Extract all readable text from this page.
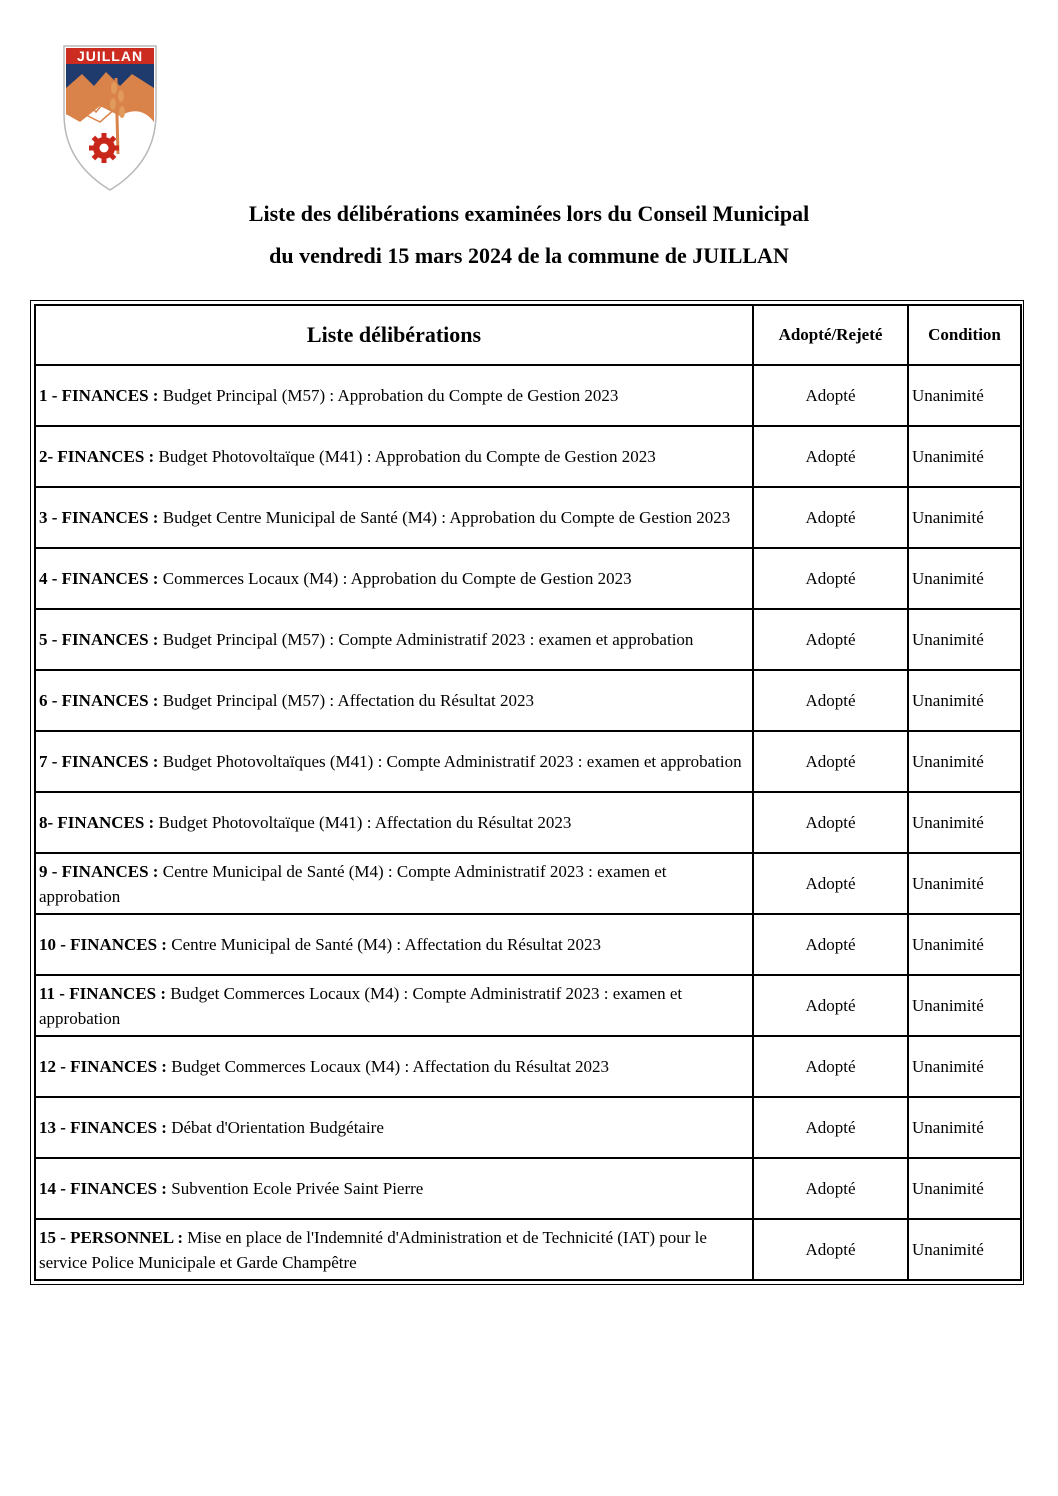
JUILLAN
Liste des délibérations examinées lors du Conseil Municipal
du vendredi 15 mars 2024 de la commune de JUILLAN
Liste délibérations	Adopté/Rejeté	Condition
1 - FINANCES : Budget Principal (M57) : Approbation du Compte de Gestion 2023	Adopté	Unanimité
2- FINANCES : Budget Photovoltaïque (M41) : Approbation du Compte de Gestion 2023	Adopté	Unanimité
3 - FINANCES : Budget Centre Municipal de Santé (M4) : Approbation du Compte de Gestion 2023	Adopté	Unanimité
4 - FINANCES : Commerces Locaux (M4) : Approbation du Compte de Gestion 2023	Adopté	Unanimité
5 - FINANCES : Budget Principal (M57) : Compte Administratif 2023 : examen et approbation	Adopté	Unanimité
6 - FINANCES : Budget Principal (M57) : Affectation du Résultat 2023	Adopté	Unanimité
7 - FINANCES : Budget Photovoltaïques (M41) : Compte Administratif 2023 : examen et approbation	Adopté	Unanimité
8- FINANCES : Budget Photovoltaïque (M41) : Affectation du Résultat 2023	Adopté	Unanimité
9 - FINANCES : Centre Municipal de Santé (M4) : Compte Administratif 2023 : examen et approbation	Adopté	Unanimité
10 - FINANCES : Centre Municipal de Santé (M4) : Affectation du Résultat 2023	Adopté	Unanimité
11 - FINANCES : Budget Commerces Locaux (M4) : Compte Administratif 2023 : examen et approbation	Adopté	Unanimité
12 - FINANCES : Budget Commerces Locaux (M4) : Affectation du Résultat 2023	Adopté	Unanimité
13 - FINANCES : Débat d'Orientation Budgétaire	Adopté	Unanimité
14 - FINANCES : Subvention Ecole Privée Saint Pierre	Adopté	Unanimité
15 - PERSONNEL : Mise en place de l'Indemnité d'Administration et de Technicité (IAT) pour le service Police Municipale et Garde Champêtre	Adopté	Unanimité
